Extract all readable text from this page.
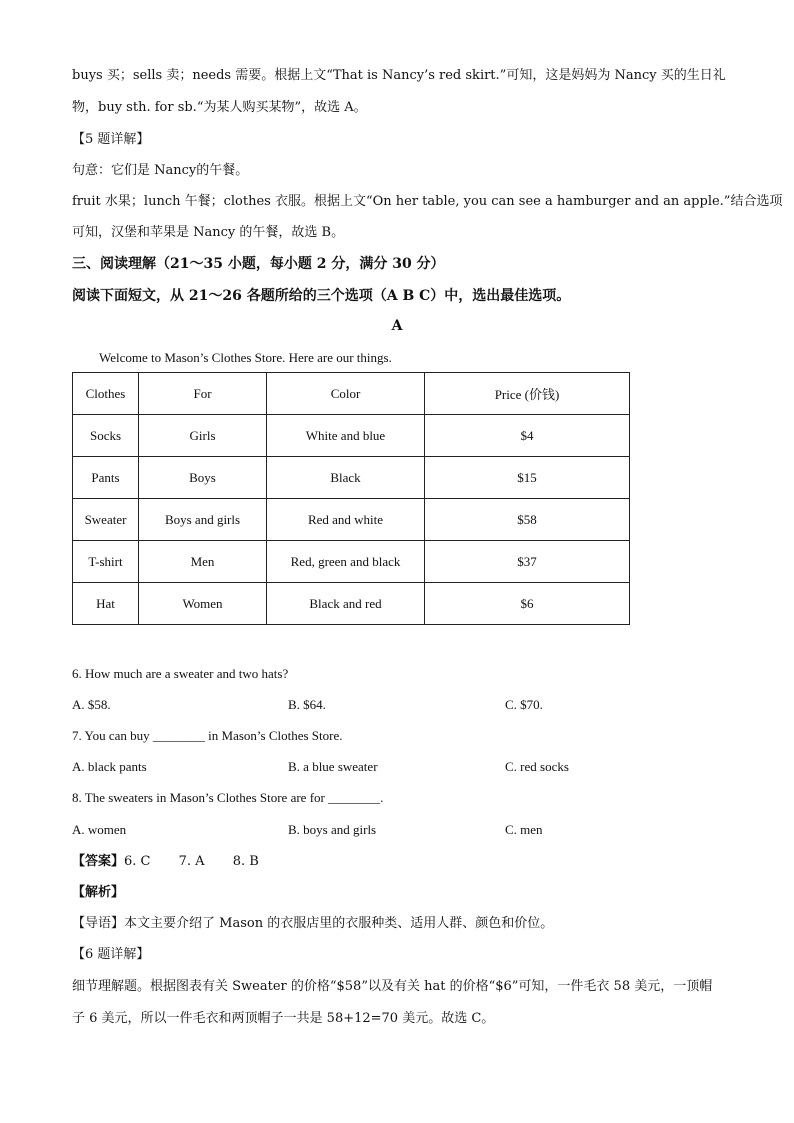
buys 买；sells 卖；needs 需要。根据上文“That is Nancy’s red skirt.”可知，这是妈妈为 Nancy 买的生日礼
物，buy sth. for sb.“为某人购买某物”，故选 A。
【5 题详解】
句意：它们是 Nancy的午餐。
fruit 水果；lunch 午餐；clothes 衣服。根据上文“On her table, you can see a hamburger and an apple.”结合选项
可知，汉堡和苹果是 Nancy 的午餐，故选 B。
三、阅读理解（21～35 小题，每小题 2 分，满分 30 分）
阅读下面短文，从 21～26 各题所给的三个选项（A B C）中，选出最佳选项。
A
Welcome to Mason’s Clothes Store. Here are our things.
Clothes	For	Color	Price (价钱)
Socks	Girls	White and blue	$4
Pants	Boys	Black	$15
Sweater	Boys and girls	Red and white	$58
T-shirt	Men	Red, green and black	$37
Hat	Women	Black and red	$6
6. How much are a sweater and two hats?
A. $58.	B. $64.	C. $70.
7. You can buy ________ in Mason’s Clothes Store.
A. black pants	B. a blue sweater	C. red socks
8. The sweaters in Mason’s Clothes Store are for ________.
A. women	B. boys and girls	C. men
【答案】6. C 7. A 8. B
【解析】
【导语】本文主要介绍了 Mason 的衣服店里的衣服种类、适用人群、颜色和价位。
【6 题详解】
细节理解题。根据图表有关 Sweater 的价格“$58”以及有关 hat 的价格“$6”可知，一件毛衣 58 美元，一顶帽
子 6 美元，所以一件毛衣和两顶帽子一共是 58+12=70 美元。故选 C。
